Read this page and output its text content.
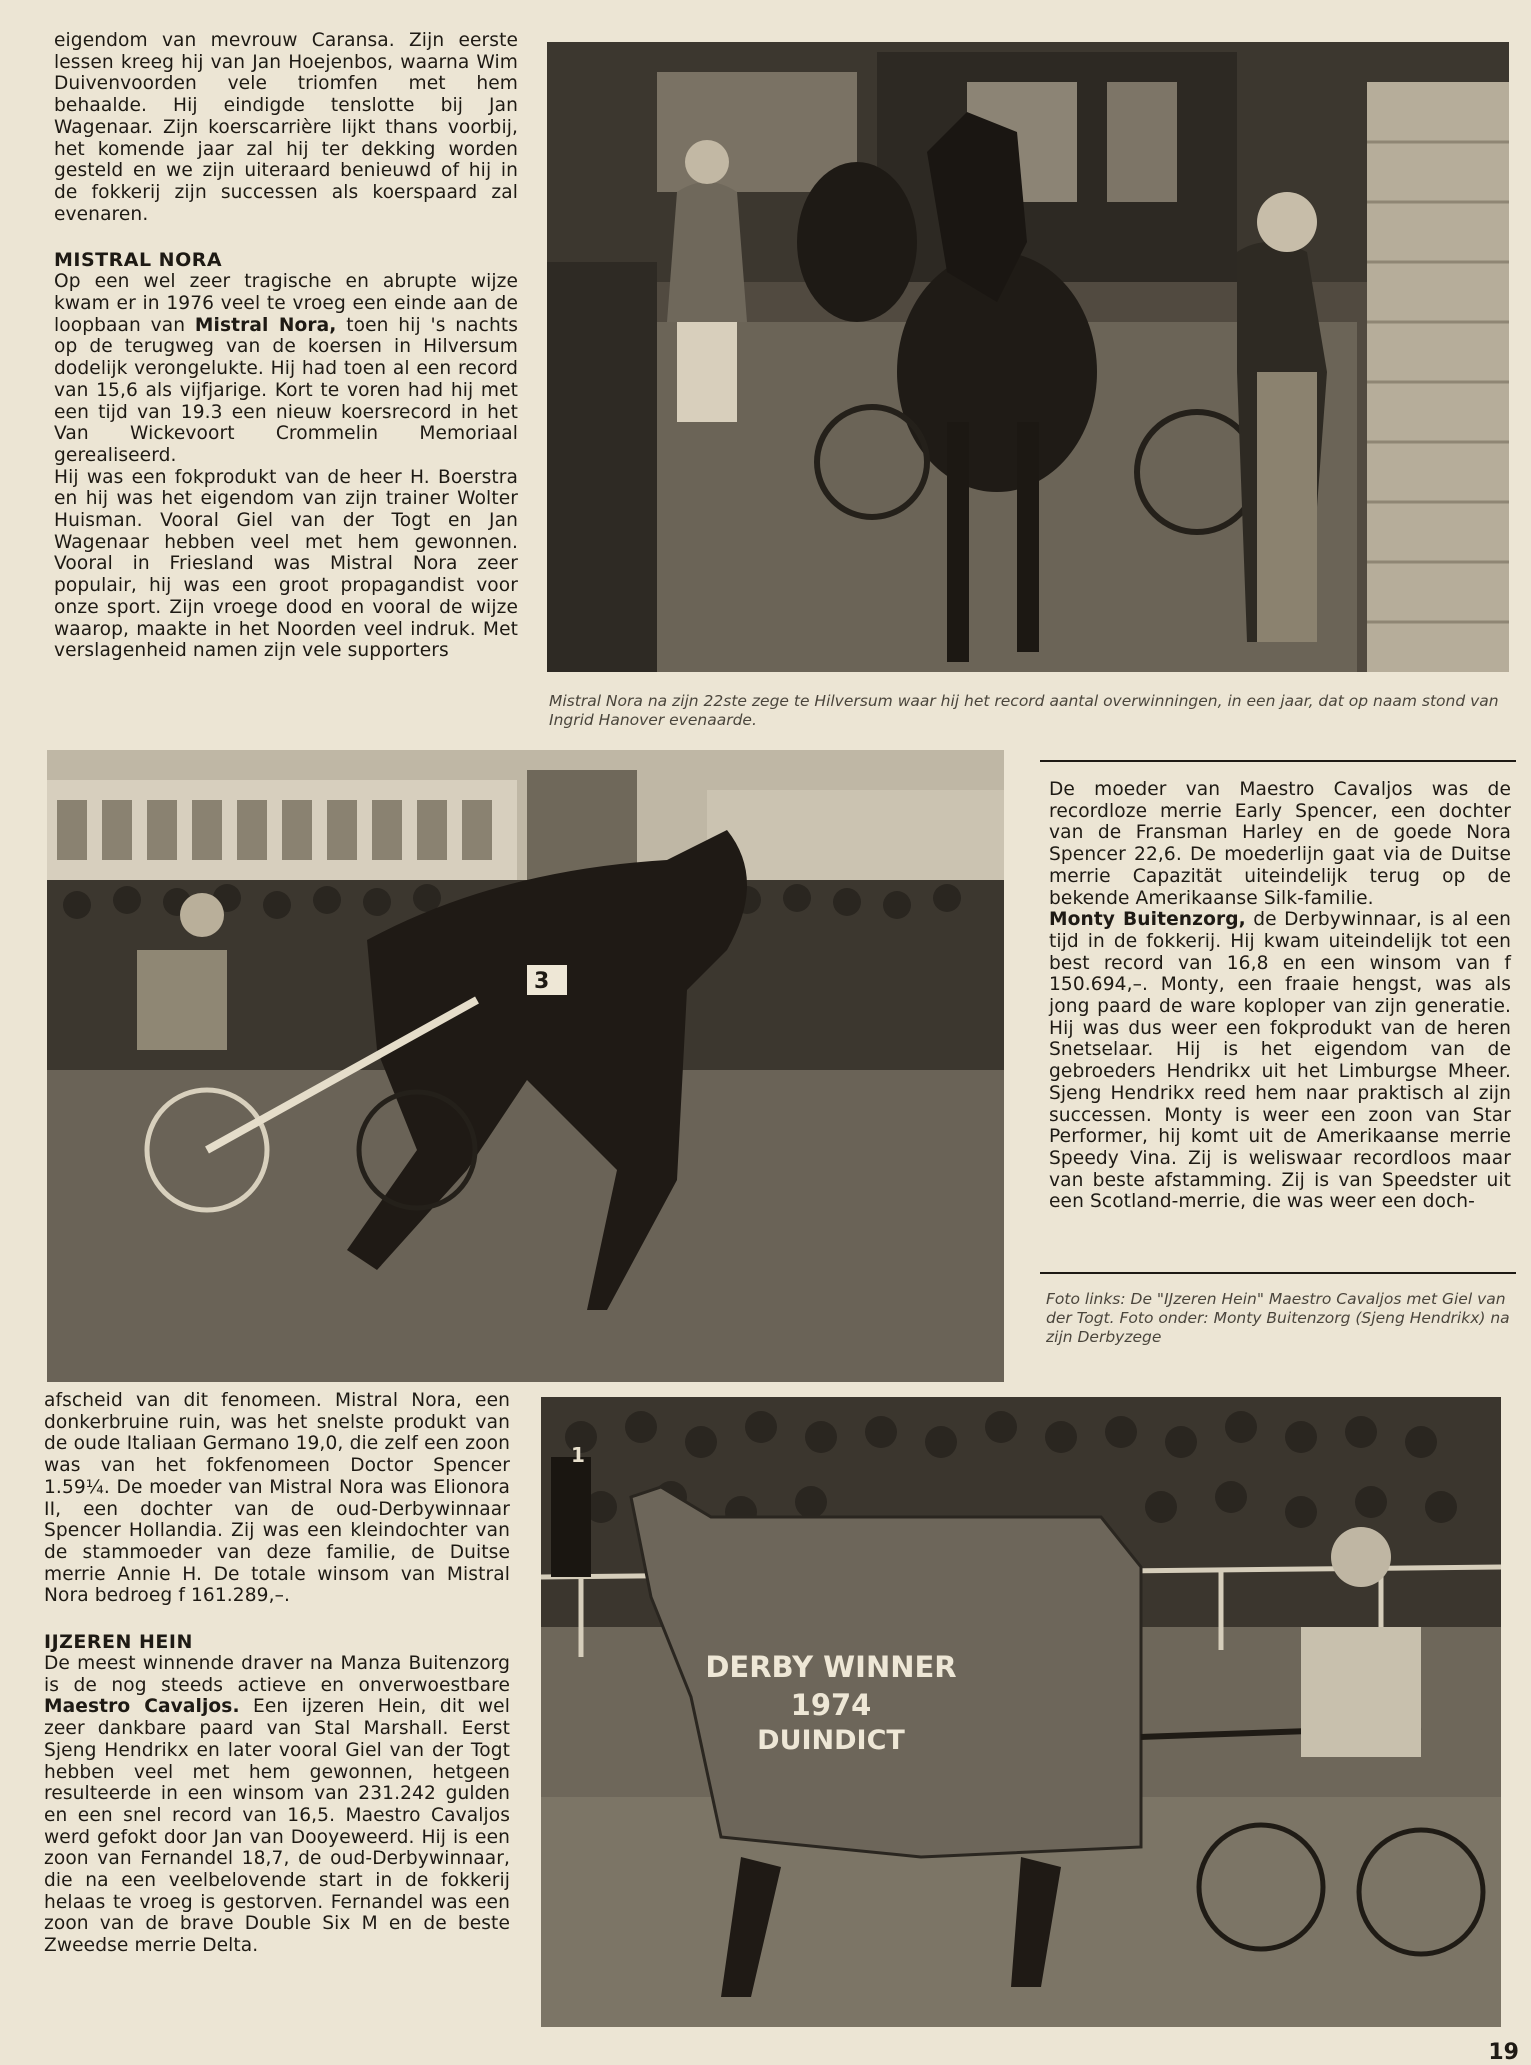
eigendom van mevrouw Caransa. Zijn eerste lessen kreeg hij van Jan Hoejenbos, waarna Wim Duivenvoorden vele triomfen met hem behaalde. Hij eindigde tenslotte bij Jan Wagenaar. Zijn koerscarrière lijkt thans voorbij, het komende jaar zal hij ter dekking worden gesteld en we zijn uiteraard benieuwd of hij in de fokkerij zijn successen als koerspaard zal evenaren.

MISTRAL NORA

Op een wel zeer tragische en abrupte wijze kwam er in 1976 veel te vroeg een einde aan de loopbaan van Mistral Nora, toen hij 's nachts op de terugweg van de koersen in Hilversum dodelijk verongelukte. Hij had toen al een record van 15,6 als vijfjarige. Kort te voren had hij met een tijd van 19.3 een nieuw koersrecord in het Van Wickevoort Crommelin Memoriaal gerealiseerd.

Hij was een fokprodukt van de heer H. Boerstra en hij was het eigendom van zijn trainer Wolter Huisman. Vooral Giel van der Togt en Jan Wagenaar hebben veel met hem gewonnen. Vooral in Friesland was Mistral Nora zeer populair, hij was een groot propagandist voor onze sport. Zijn vroege dood en vooral de wijze waarop, maakte in het Noorden veel indruk. Met verslagenheid namen zijn vele supporters

Mistral Nora na zijn 22ste zege te Hilversum waar hij het record aantal overwinningen, in een jaar, dat op naam stond van Ingrid Hanover evenaarde.
3

De moeder van Maestro Cavaljos was de recordloze merrie Early Spencer, een dochter van de Fransman Harley en de goede Nora Spencer 22,6. De moederlijn gaat via de Duitse merrie Capazität uiteindelijk terug op de bekende Amerikaanse Silk-familie.

Monty Buitenzorg, de Derbywinnaar, is al een tijd in de fokkerij. Hij kwam uiteindelijk tot een best record van 16,8 en een winsom van f 150.694,–. Monty, een fraaie hengst, was als jong paard de ware koploper van zijn generatie. Hij was dus weer een fokprodukt van de heren Snetselaar. Hij is het eigendom van de gebroeders Hendrikx uit het Limburgse Mheer. Sjeng Hendrikx reed hem naar praktisch al zijn successen. Monty is weer een zoon van Star Performer, hij komt uit de Amerikaanse merrie Speedy Vina. Zij is weliswaar recordloos maar van beste afstamming. Zij is van Speedster uit een Scotland-merrie, die was weer een doch-

Foto links: De "IJzeren Hein" Maestro Cavaljos met Giel van der Togt. Foto onder: Monty Buitenzorg (Sjeng Hendrikx) na zijn Derbyzege

afscheid van dit fenomeen. Mistral Nora, een donkerbruine ruin, was het snelste produkt van de oude Italiaan Germano 19,0, die zelf een zoon was van het fokfenomeen Doctor Spencer 1.59¼. De moeder van Mistral Nora was Elionora II, een dochter van de oud-Derbywinnaar Spencer Hollandia. Zij was een kleindochter van de stammoeder van deze familie, de Duitse merrie Annie H. De totale winsom van Mistral Nora bedroeg f 161.289,–.

IJZEREN HEIN

De meest winnende draver na Manza Buitenzorg is de nog steeds actieve en onverwoestbare Maestro Cavaljos. Een ijzeren Hein, dit wel zeer dankbare paard van Stal Marshall. Eerst Sjeng Hendrikx en later vooral Giel van der Togt hebben veel met hem gewonnen, hetgeen resulteerde in een winsom van 231.242 gulden en een snel record van 16,5. Maestro Cavaljos werd gefokt door Jan van Dooyeweerd. Hij is een zoon van Fernandel 18,7, de oud-Derbywinnaar, die na een veelbelovende start in de fokkerij helaas te vroeg is gestorven. Fernandel was een zoon van de brave Double Six M en de beste Zweedse merrie Delta.

1
DERBY WINNER
1974
DUINDICT
19
